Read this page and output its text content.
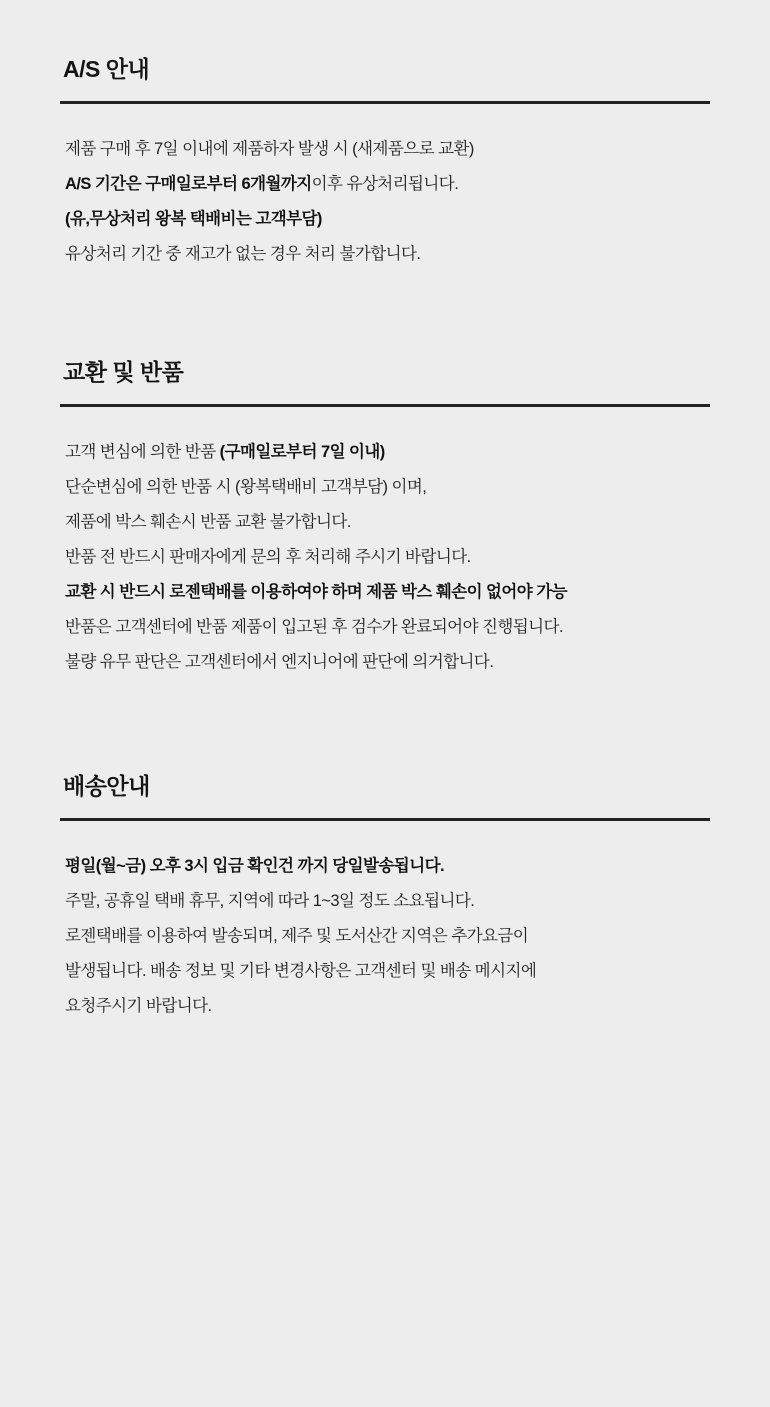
A/S 안내
제품 구매 후 7일 이내에 제품하자 발생 시 (새제품으로 교환)
A/S 기간은 구매일로부터 6개월까지이후 유상처리됩니다.
(유,무상처리 왕복 택배비는 고객부담)
유상처리 기간 중 재고가 없는 경우 처리 불가합니다.
교환 및 반품
고객 변심에 의한 반품 (구매일로부터 7일 이내)
단순변심에 의한 반품 시 (왕복택배비 고객부담) 이며,
제품에 박스 훼손시 반품 교환 불가합니다.
반품 전 반드시 판매자에게 문의 후 처리해 주시기 바랍니다.
교환 시 반드시 로젠택배를 이용하여야 하며 제품 박스 훼손이 없어야 가능
반품은 고객센터에 반품 제품이 입고된 후 검수가 완료되어야 진행됩니다.
불량 유무 판단은 고객센터에서 엔지니어에 판단에 의거합니다.
배송안내
평일(월~금) 오후 3시 입금 확인건 까지 당일발송됩니다.
주말, 공휴일 택배 휴무, 지역에 따라 1~3일 정도 소요됩니다.
로젠택배를 이용하여 발송되며, 제주 및 도서산간 지역은 추가요금이
발생됩니다. 배송 정보 및 기타 변경사항은 고객센터 및 배송 메시지에
요청주시기 바랍니다.
